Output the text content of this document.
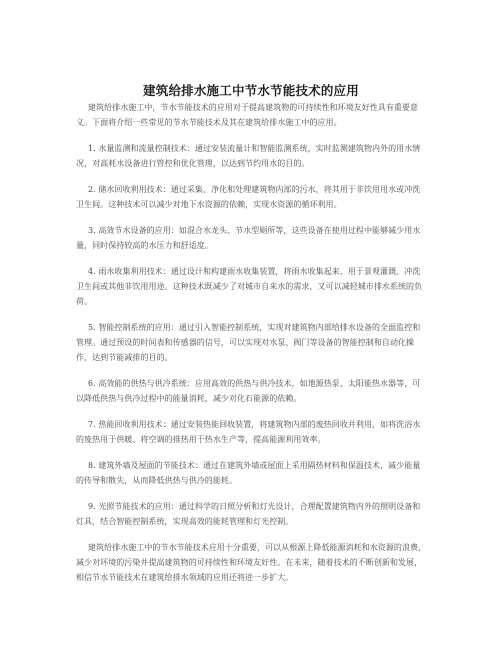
建筑给排水施工中节水节能技术的应用

建筑给排水施工中，节水节能技术的应用对于提高建筑物的可持续性和环境友好性具有重要意义。下面将介绍一些常见的节水节能技术及其在建筑给排水施工中的应用。

1. 水量监测和流量控制技术：通过安装流量计和智能监测系统，实时监测建筑物内外的用水情况，对高耗水设备进行管控和优化管理，以达到节约用水的目的。

2. 储水回收利用技术：通过采集、净化和处理建筑物内部的污水，将其用于非饮用用水或冲洗卫生间。这种技术可以减少对地下水资源的依赖，实现水资源的循环利用。

3. 高效节水设备的应用：如混合水龙头、节水型厕所等，这些设备在使用过程中能够减少用水量，同时保持较高的水压力和舒适度。

4. 雨水收集利用技术：通过设计和构建雨水收集装置，将雨水收集起来，用于景观灌溉、冲洗卫生间或其他非饮用用途。这种技术既减少了对城市自来水的需求，又可以减轻城市排水系统的负荷。

5. 智能控制系统的应用：通过引入智能控制系统，实现对建筑物内部给排水设备的全面监控和管理。通过预设的时间表和传感器的信号，可以实现对水泵、阀门等设备的智能控制和自动化操作，达到节能减排的目的。

6. 高效能的供热与供冷系统：应用高效的供热与供冷技术，如地源热泵、太阳能热水器等，可以降低供热与供冷过程中的能量消耗，减少对化石能源的依赖。

7. 热能回收利用技术：通过安装热能回收装置，将建筑物内部的废热回收并利用，如将洗浴水的废热用于供暖、将空调的排热用于热水生产等，提高能源利用效率。

8. 建筑外墙及屋面的节能技术：通过在建筑外墙或屋面上采用隔热材料和保温技术，减少能量的传导和散失，从而降低供热与供冷的能耗。

9. 光照节能技术的应用：通过科学的日照分析和灯光设计，合理配置建筑物内外的照明设备和灯具，结合智能控制系统，实现高效的能耗管理和灯光控制。

建筑给排水施工中的节水节能技术应用十分重要，可以从根源上降低能源消耗和水资源的浪费，减少对环境的污染并提高建筑物的可持续性和环境友好性。在未来，随着技术的不断创新和发展，相信节水节能技术在建筑给排水领域的应用还将进一步扩大。
